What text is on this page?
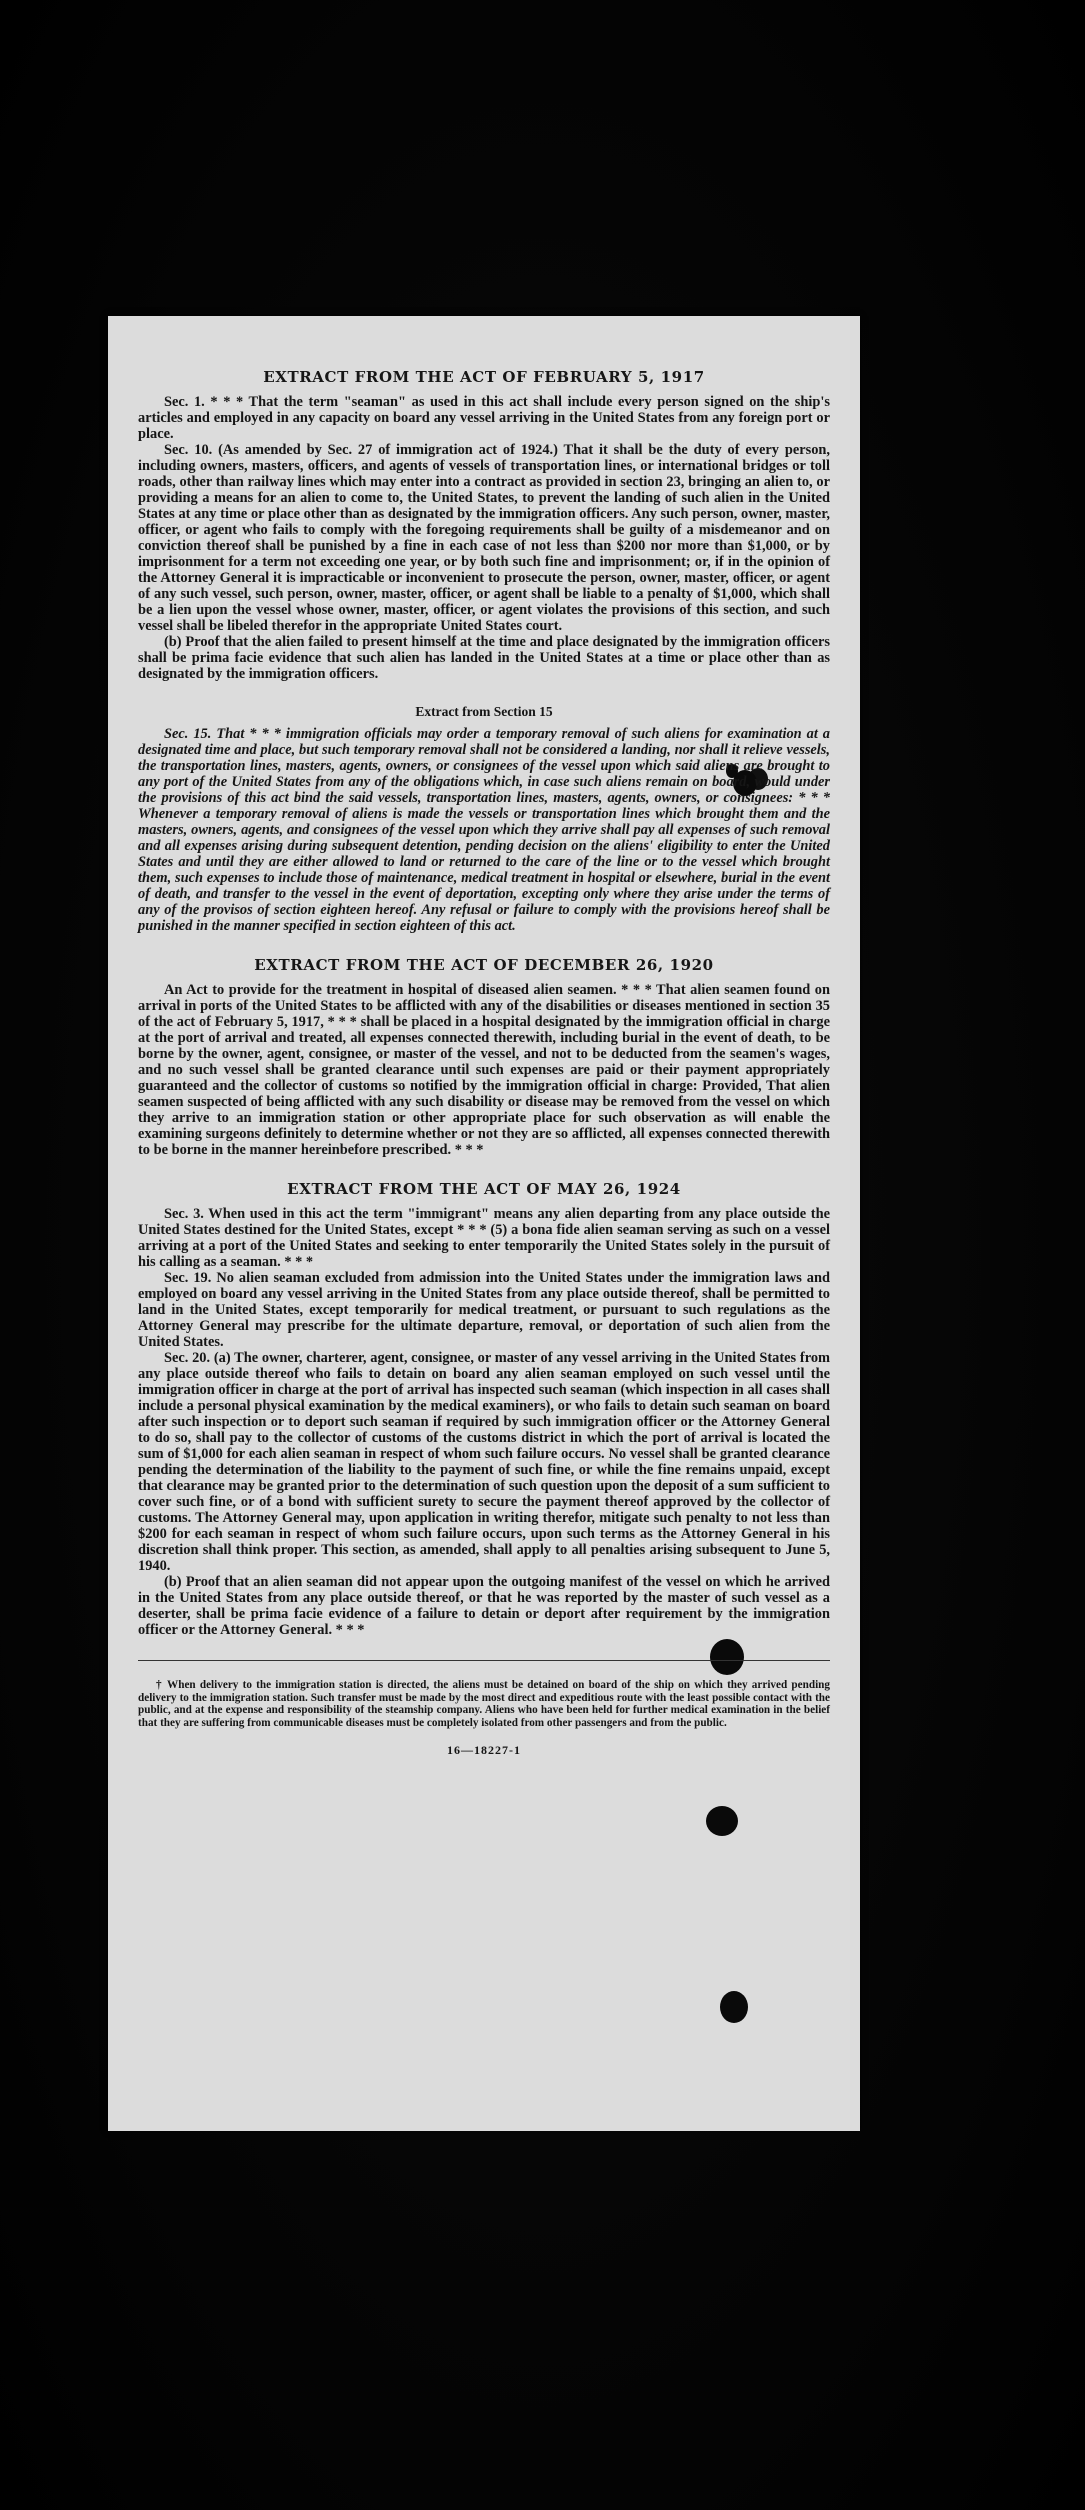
EXTRACT FROM THE ACT OF FEBRUARY 5, 1917

Sec. 1. * * * That the term "seaman" as used in this act shall include every person signed on the ship's articles and employed in any capacity on board any vessel arriving in the United States from any foreign port or place.

Sec. 10. (As amended by Sec. 27 of immigration act of 1924.) That it shall be the duty of every person, including owners, masters, officers, and agents of vessels of transportation lines, or international bridges or toll roads, other than railway lines which may enter into a contract as provided in section 23, bringing an alien to, or providing a means for an alien to come to, the United States, to prevent the landing of such alien in the United States at any time or place other than as designated by the immigration officers. Any such person, owner, master, officer, or agent who fails to comply with the foregoing requirements shall be guilty of a misdemeanor and on conviction thereof shall be punished by a fine in each case of not less than $200 nor more than $1,000, or by imprisonment for a term not exceeding one year, or by both such fine and imprisonment; or, if in the opinion of the Attorney General it is impracticable or inconvenient to prosecute the person, owner, master, officer, or agent of any such vessel, such person, owner, master, officer, or agent shall be liable to a penalty of $1,000, which shall be a lien upon the vessel whose owner, master, officer, or agent violates the provisions of this section, and such vessel shall be libeled therefor in the appropriate United States court.

(b) Proof that the alien failed to present himself at the time and place designated by the immigration officers shall be prima facie evidence that such alien has landed in the United States at a time or place other than as designated by the immigration officers.

Extract from Section 15

Sec. 15. That * * * immigration officials may order a temporary removal of such aliens for examination at a designated time and place, but such temporary removal shall not be considered a landing, nor shall it relieve vessels, the transportation lines, masters, agents, owners, or consignees of the vessel upon which said aliens are brought to any port of the United States from any of the obligations which, in case such aliens remain on board, would under the provisions of this act bind the said vessels, transportation lines, masters, agents, owners, or consignees: * * * Whenever a temporary removal of aliens is made the vessels or transportation lines which brought them and the masters, owners, agents, and consignees of the vessel upon which they arrive shall pay all expenses of such removal and all expenses arising during subsequent detention, pending decision on the aliens' eligibility to enter the United States and until they are either allowed to land or returned to the care of the line or to the vessel which brought them, such expenses to include those of maintenance, medical treatment in hospital or elsewhere, burial in the event of death, and transfer to the vessel in the event of deportation, excepting only where they arise under the terms of any of the provisos of section eighteen hereof. Any refusal or failure to comply with the provisions hereof shall be punished in the manner specified in section eighteen of this act.

EXTRACT FROM THE ACT OF DECEMBER 26, 1920

An Act to provide for the treatment in hospital of diseased alien seamen. * * * That alien seamen found on arrival in ports of the United States to be afflicted with any of the disabilities or diseases mentioned in section 35 of the act of February 5, 1917, * * * shall be placed in a hospital designated by the immigration official in charge at the port of arrival and treated, all expenses connected therewith, including burial in the event of death, to be borne by the owner, agent, consignee, or master of the vessel, and not to be deducted from the seamen's wages, and no such vessel shall be granted clearance until such expenses are paid or their payment appropriately guaranteed and the collector of customs so notified by the immigration official in charge: Provided, That alien seamen suspected of being afflicted with any such disability or disease may be removed from the vessel on which they arrive to an immigration station or other appropriate place for such observation as will enable the examining surgeons definitely to determine whether or not they are so afflicted, all expenses connected therewith to be borne in the manner hereinbefore prescribed. * * *

EXTRACT FROM THE ACT OF MAY 26, 1924

Sec. 3. When used in this act the term "immigrant" means any alien departing from any place outside the United States destined for the United States, except * * * (5) a bona fide alien seaman serving as such on a vessel arriving at a port of the United States and seeking to enter temporarily the United States solely in the pursuit of his calling as a seaman. * * *

Sec. 19. No alien seaman excluded from admission into the United States under the immigration laws and employed on board any vessel arriving in the United States from any place outside thereof, shall be permitted to land in the United States, except temporarily for medical treatment, or pursuant to such regulations as the Attorney General may prescribe for the ultimate departure, removal, or deportation of such alien from the United States.

Sec. 20. (a) The owner, charterer, agent, consignee, or master of any vessel arriving in the United States from any place outside thereof who fails to detain on board any alien seaman employed on such vessel until the immigration officer in charge at the port of arrival has inspected such seaman (which inspection in all cases shall include a personal physical examination by the medical examiners), or who fails to detain such seaman on board after such inspection or to deport such seaman if required by such immigration officer or the Attorney General to do so, shall pay to the collector of customs of the customs district in which the port of arrival is located the sum of $1,000 for each alien seaman in respect of whom such failure occurs. No vessel shall be granted clearance pending the determination of the liability to the payment of such fine, or while the fine remains unpaid, except that clearance may be granted prior to the determination of such question upon the deposit of a sum sufficient to cover such fine, or of a bond with sufficient surety to secure the payment thereof approved by the collector of customs. The Attorney General may, upon application in writing therefor, mitigate such penalty to not less than $200 for each seaman in respect of whom such failure occurs, upon such terms as the Attorney General in his discretion shall think proper. This section, as amended, shall apply to all penalties arising subsequent to June 5, 1940.

(b) Proof that an alien seaman did not appear upon the outgoing manifest of the vessel on which he arrived in the United States from any place outside thereof, or that he was reported by the master of such vessel as a deserter, shall be prima facie evidence of a failure to detain or deport after requirement by the immigration officer or the Attorney General. * * *

† When delivery to the immigration station is directed, the aliens must be detained on board of the ship on which they arrived pending delivery to the immigration station. Such transfer must be made by the most direct and expeditious route with the least possible contact with the public, and at the expense and responsibility of the steamship company. Aliens who have been held for further medical examination in the belief that they are suffering from communicable diseases must be completely isolated from other passengers and from the public.

16—18227-1
